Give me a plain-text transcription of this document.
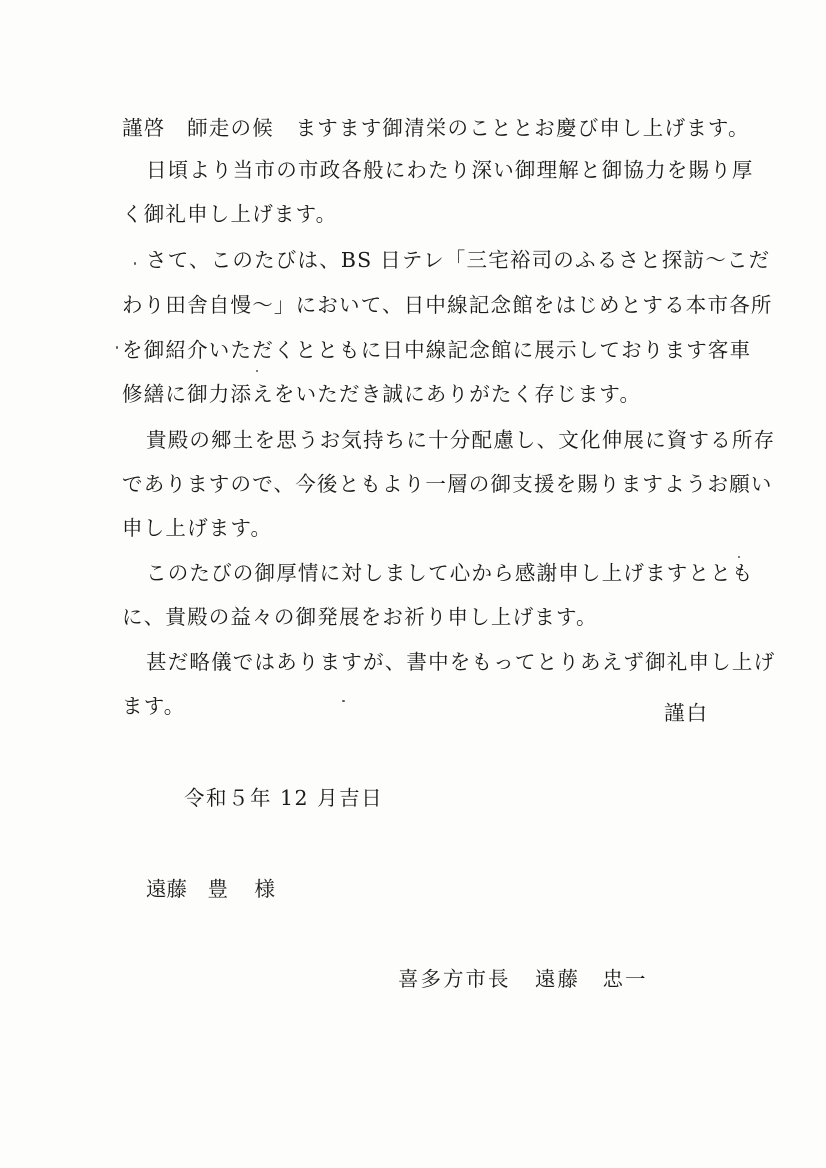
謹啓　師走の候　ますます御清栄のこととお慶び申し上げます。
日頃より当市の市政各般にわたり深い御理解と御協力を賜り厚
く御礼申し上げます。
さて、このたびは、BS 日テレ「三宅裕司のふるさと探訪〜こだ
わり田舎自慢〜」において、日中線記念館をはじめとする本市各所
を御紹介いただくとともに日中線記念館に展示しております客車
修繕に御力添えをいただき誠にありがたく存じます。
貴殿の郷土を思うお気持ちに十分配慮し、文化伸展に資する所存
でありますので、今後ともより一層の御支援を賜りますようお願い
申し上げます。
このたびの御厚情に対しまして心から感謝申し上げますととも
に、貴殿の益々の御発展をお祈り申し上げます。
甚だ略儀ではありますが、書中をもってとりあえず御礼申し上げ
ます。	謹白
令和５年 12 月吉日
遠藤　豊 様
喜多方市長 遠藤　忠一
